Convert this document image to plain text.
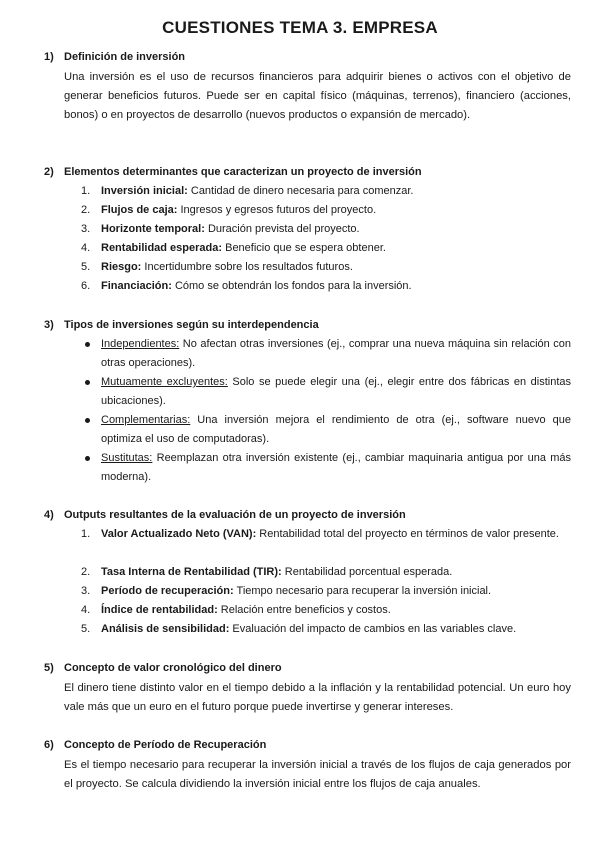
CUESTIONES TEMA 3. EMPRESA
1) Definición de inversión
Una inversión es el uso de recursos financieros para adquirir bienes o activos con el objetivo de generar beneficios futuros. Puede ser en capital físico (máquinas, terrenos), financiero (acciones, bonos) o en proyectos de desarrollo (nuevos productos o expansión de mercado).
2) Elementos determinantes que caracterizan un proyecto de inversión
1. Inversión inicial: Cantidad de dinero necesaria para comenzar.
2. Flujos de caja: Ingresos y egresos futuros del proyecto.
3. Horizonte temporal: Duración prevista del proyecto.
4. Rentabilidad esperada: Beneficio que se espera obtener.
5. Riesgo: Incertidumbre sobre los resultados futuros.
6. Financiación: Cómo se obtendrán los fondos para la inversión.
3) Tipos de inversiones según su interdependencia
Independientes: No afectan otras inversiones (ej., comprar una nueva máquina sin relación con otras operaciones).
Mutuamente excluyentes: Solo se puede elegir una (ej., elegir entre dos fábricas en distintas ubicaciones).
Complementarias: Una inversión mejora el rendimiento de otra (ej., software nuevo que optimiza el uso de computadoras).
Sustitutas: Reemplazan otra inversión existente (ej., cambiar maquinaria antigua por una más moderna).
4) Outputs resultantes de la evaluación de un proyecto de inversión
1. Valor Actualizado Neto (VAN): Rentabilidad total del proyecto en términos de valor presente.
2. Tasa Interna de Rentabilidad (TIR): Rentabilidad porcentual esperada.
3. Período de recuperación: Tiempo necesario para recuperar la inversión inicial.
4. Índice de rentabilidad: Relación entre beneficios y costos.
5. Análisis de sensibilidad: Evaluación del impacto de cambios en las variables clave.
5) Concepto de valor cronológico del dinero
El dinero tiene distinto valor en el tiempo debido a la inflación y la rentabilidad potencial. Un euro hoy vale más que un euro en el futuro porque puede invertirse y generar intereses.
6) Concepto de Período de Recuperación
Es el tiempo necesario para recuperar la inversión inicial a través de los flujos de caja generados por el proyecto. Se calcula dividiendo la inversión inicial entre los flujos de caja anuales.
